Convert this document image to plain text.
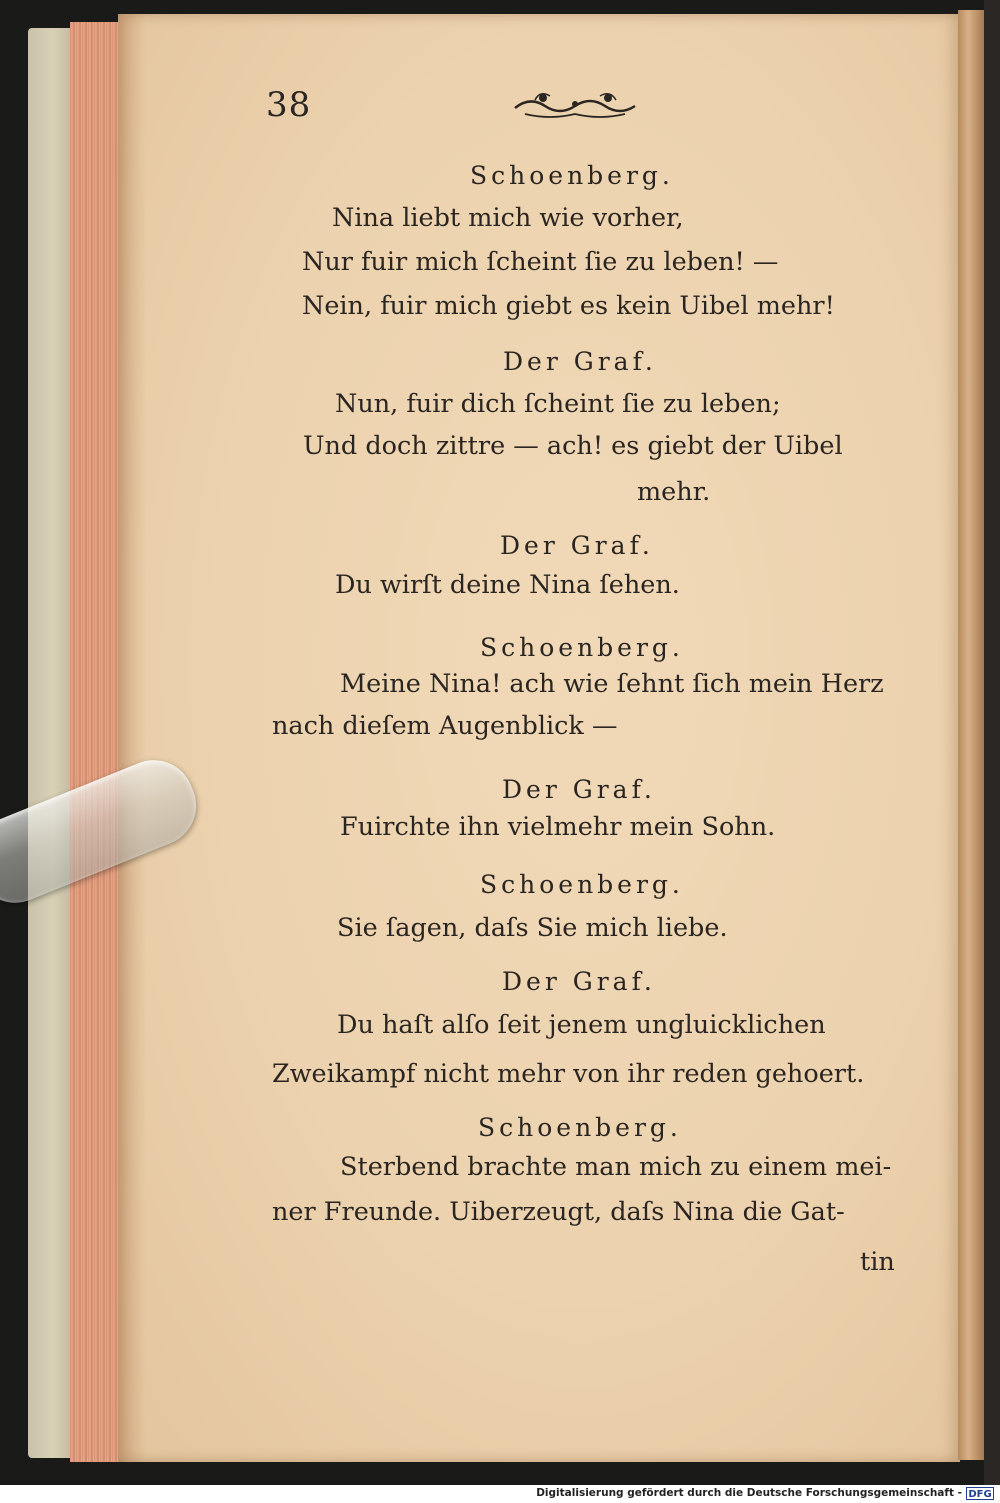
38
Schoenberg.
Nina liebt mich wie vorher,
Nur fuir mich ſcheint ſie zu leben! —
Nein, fuir mich giebt es kein Uibel mehr!
Der Graf.
Nun, fuir dich ſcheint ſie zu leben;
Und doch zittre — ach! es giebt der Uibel
mehr.
Der Graf.
Du wirſt deine Nina ſehen.
Schoenberg.
Meine Nina! ach wie ſehnt ſich mein Herz
nach dieſem Augenblick —
Der Graf.
Fuirchte ihn vielmehr mein Sohn.
Schoenberg.
Sie ſagen, daſs Sie mich liebe.
Der Graf.
Du haſt alſo ſeit jenem ungluicklichen
Zweikampf nicht mehr von ihr reden gehoert.
Schoenberg.
Sterbend brachte man mich zu einem mei-
ner Freunde. Uiberzeugt, daſs Nina die Gat-
tin
Digitalisierung gefördert durch die Deutsche Forschungsgemeinschaft - DFG
